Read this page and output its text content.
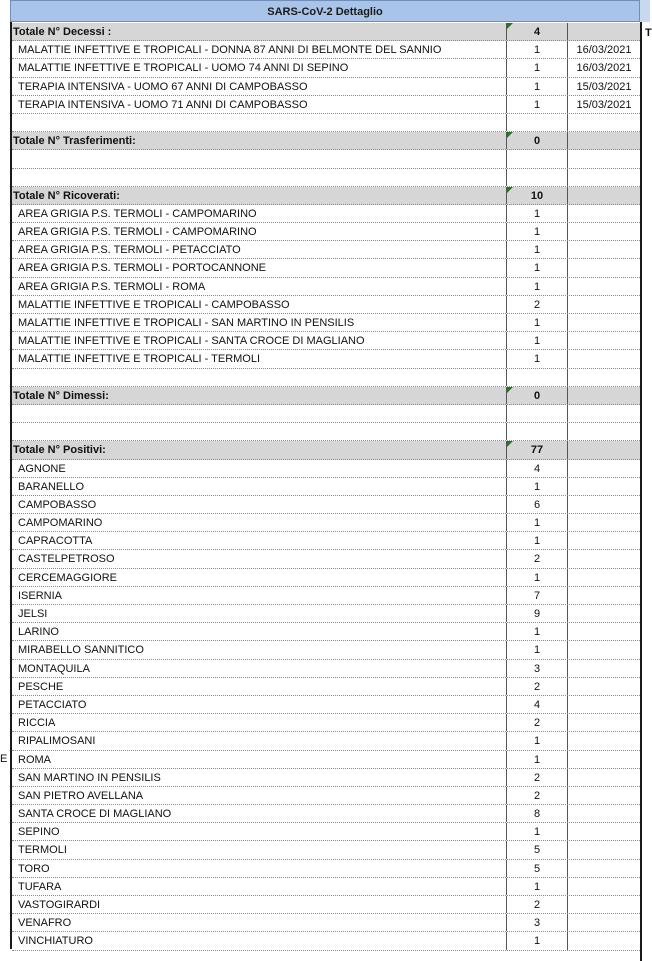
SARS-CoV-2 Dettaglio
T
E
Totale N° Decessi :	4
MALATTIE INFETTIVE E TROPICALI - DONNA 87 ANNI DI BELMONTE DEL SANNIO	1	16/03/2021
MALATTIE INFETTIVE E TROPICALI - UOMO 74 ANNI DI SEPINO	1	16/03/2021
TERAPIA INTENSIVA - UOMO 67 ANNI DI CAMPOBASSO	1	15/03/2021
TERAPIA INTENSIVA - UOMO 71 ANNI DI CAMPOBASSO	1	15/03/2021
Totale N° Trasferimenti:	0
Totale N° Ricoverati:	10
AREA GRIGIA P.S. TERMOLI - CAMPOMARINO	1
AREA GRIGIA P.S. TERMOLI - CAMPOMARINO	1
AREA GRIGIA P.S. TERMOLI - PETACCIATO	1
AREA GRIGIA P.S. TERMOLI - PORTOCANNONE	1
AREA GRIGIA P.S. TERMOLI - ROMA	1
MALATTIE INFETTIVE E TROPICALI - CAMPOBASSO	2
MALATTIE INFETTIVE E TROPICALI - SAN MARTINO IN PENSILIS	1
MALATTIE INFETTIVE E TROPICALI - SANTA CROCE DI MAGLIANO	1
MALATTIE INFETTIVE E TROPICALI - TERMOLI	1
Totale N° Dimessi:	0
Totale N° Positivi:	77
AGNONE	4
BARANELLO	1
CAMPOBASSO	6
CAMPOMARINO	1
CAPRACOTTA	1
CASTELPETROSO	2
CERCEMAGGIORE	1
ISERNIA	7
JELSI	9
LARINO	1
MIRABELLO SANNITICO	1
MONTAQUILA	3
PESCHE	2
PETACCIATO	4
RICCIA	2
RIPALIMOSANI	1
ROMA	1
SAN MARTINO IN PENSILIS	2
SAN PIETRO AVELLANA	2
SANTA CROCE DI MAGLIANO	8
SEPINO	1
TERMOLI	5
TORO	5
TUFARA	1
VASTOGIRARDI	2
VENAFRO	3
VINCHIATURO	1
